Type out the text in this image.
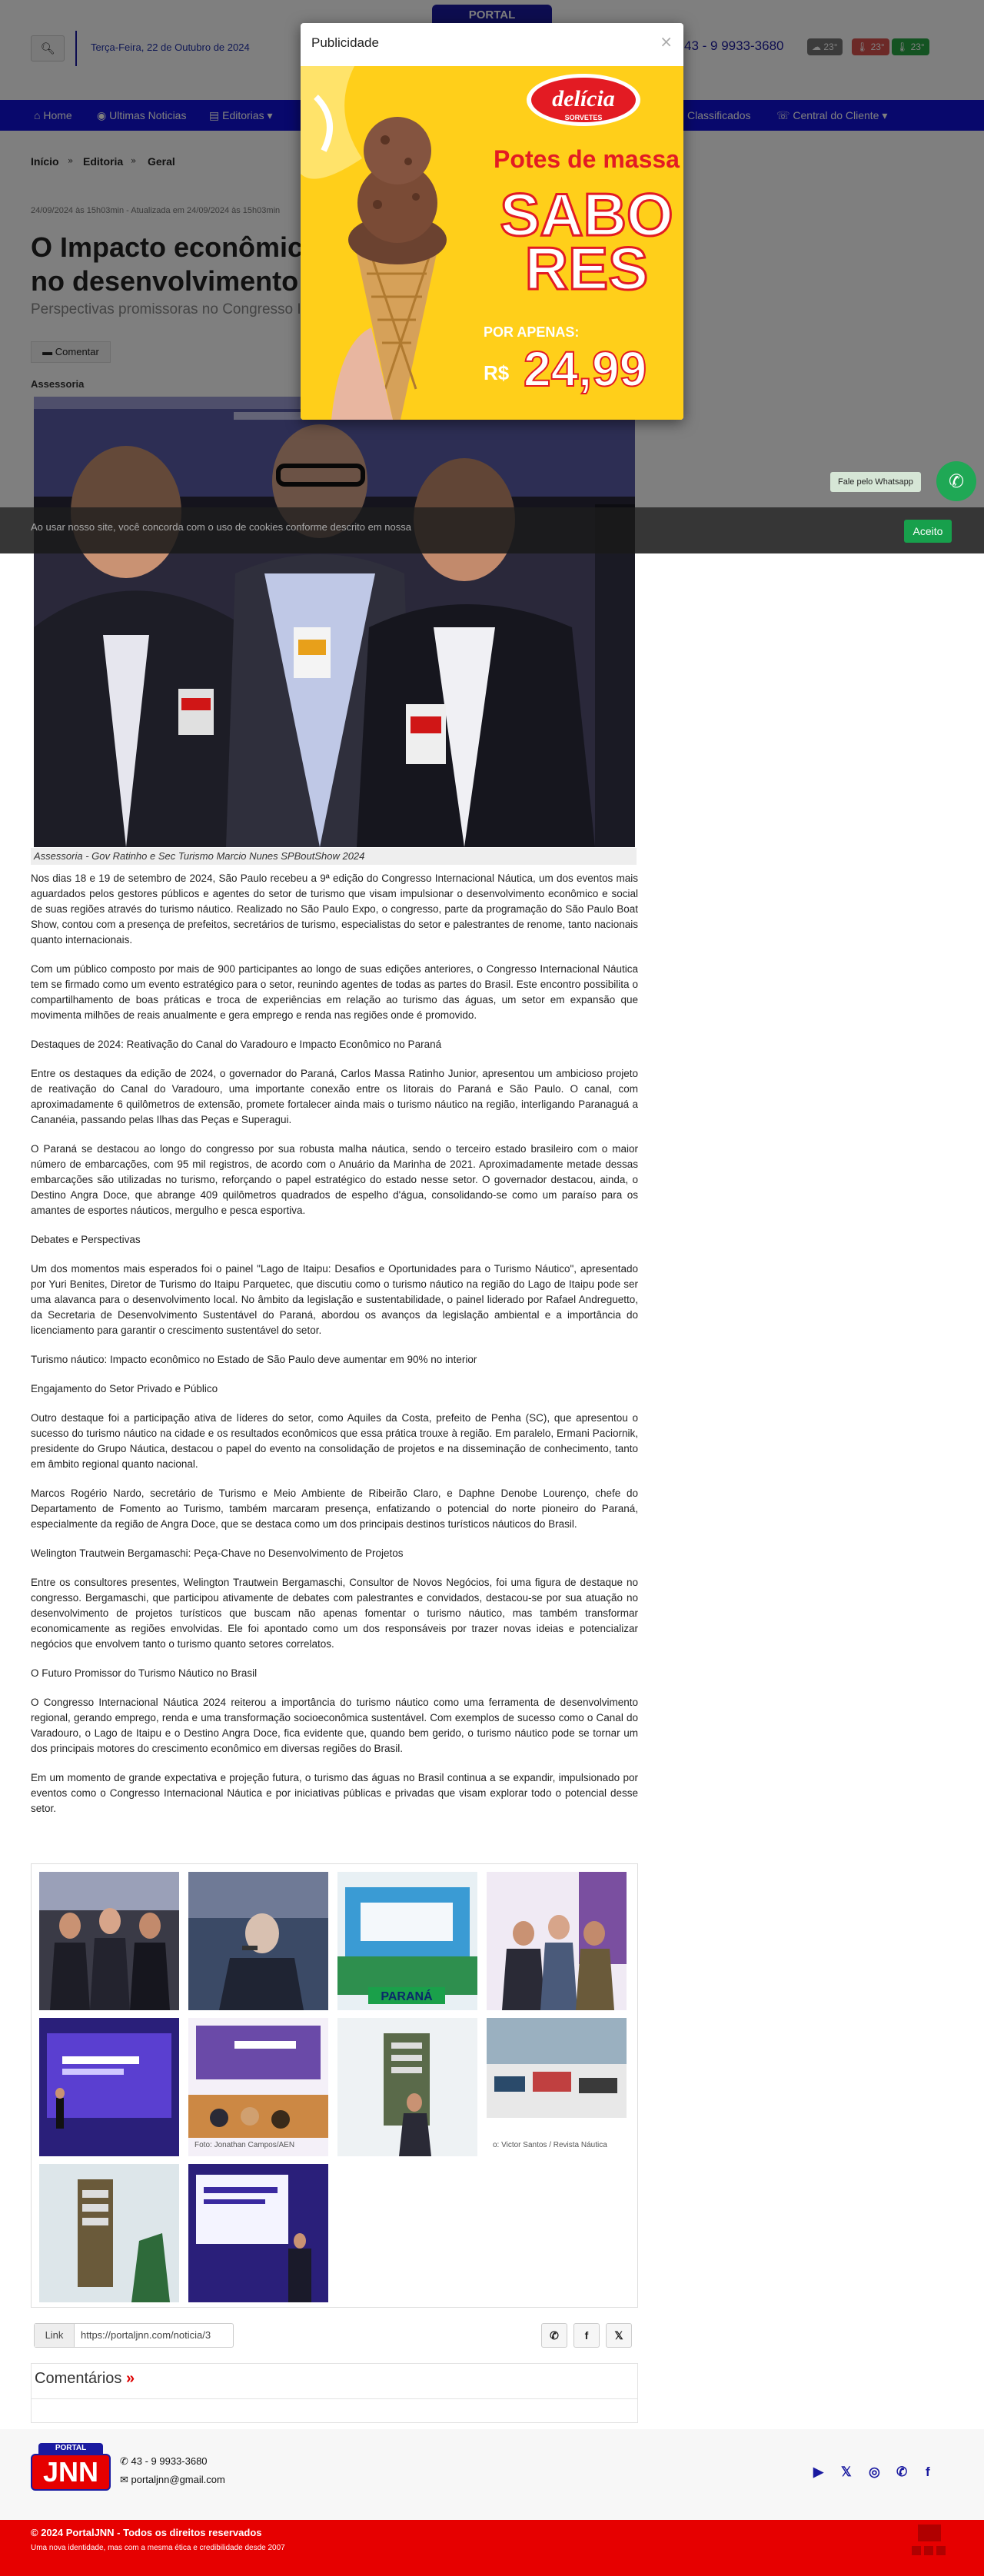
Assessoria - Gov Ratinho e Sec Turismo Marcio Nunes SPBoutShow 2024

Nos dias 18 e 19 de setembro de 2024, São Paulo recebeu a 9ª edição do Congresso Internacional Náutica, um dos eventos mais aguardados pelos gestores públicos e agentes do setor de turismo que visam impulsionar o desenvolvimento econômico e social de suas regiões através do turismo náutico. Realizado no São Paulo Expo, o congresso, parte da programação do São Paulo Boat Show, contou com a presença de prefeitos, secretários de turismo, especialistas do setor e palestrantes de renome, tanto nacionais quanto internacionais.

Com um público composto por mais de 900 participantes ao longo de suas edições anteriores, o Congresso Internacional Náutica tem se firmado como um evento estratégico para o setor, reunindo agentes de todas as partes do Brasil. Este encontro possibilita o compartilhamento de boas práticas e troca de experiências em relação ao turismo das águas, um setor em expansão que movimenta milhões de reais anualmente e gera emprego e renda nas regiões onde é promovido.

Destaques de 2024: Reativação do Canal do Varadouro e Impacto Econômico no Paraná

Entre os destaques da edição de 2024, o governador do Paraná, Carlos Massa Ratinho Junior, apresentou um ambicioso projeto de reativação do Canal do Varadouro, uma importante conexão entre os litorais do Paraná e São Paulo. O canal, com aproximadamente 6 quilômetros de extensão, promete fortalecer ainda mais o turismo náutico na região, interligando Paranaguá a Cananéia, passando pelas Ilhas das Peças e Superagui.

O Paraná se destacou ao longo do congresso por sua robusta malha náutica, sendo o terceiro estado brasileiro com o maior número de embarcações, com 95 mil registros, de acordo com o Anuário da Marinha de 2021. Aproximadamente metade dessas embarcações são utilizadas no turismo, reforçando o papel estratégico do estado nesse setor. O governador destacou, ainda, o Destino Angra Doce, que abrange 409 quilômetros quadrados de espelho d'água, consolidando-se como um paraíso para os amantes de esportes náuticos, mergulho e pesca esportiva.

Debates e Perspectivas

Um dos momentos mais esperados foi o painel "Lago de Itaipu: Desafios e Oportunidades para o Turismo Náutico", apresentado por Yuri Benites, Diretor de Turismo do Itaipu Parquetec, que discutiu como o turismo náutico na região do Lago de Itaipu pode ser uma alavanca para o desenvolvimento local. No âmbito da legislação e sustentabilidade, o painel liderado por Rafael Andreguetto, da Secretaria de Desenvolvimento Sustentável do Paraná, abordou os avanços da legislação ambiental e a importância do licenciamento para garantir o crescimento sustentável do setor.

Turismo náutico: Impacto econômico no Estado de São Paulo deve aumentar em 90% no interior

Engajamento do Setor Privado e Público

Outro destaque foi a participação ativa de líderes do setor, como Aquiles da Costa, prefeito de Penha (SC), que apresentou o sucesso do turismo náutico na cidade e os resultados econômicos que essa prática trouxe à região. Em paralelo, Ermani Paciornik, presidente do Grupo Náutica, destacou o papel do evento na consolidação de projetos e na disseminação de conhecimento, tanto em âmbito regional quanto nacional.

Marcos Rogério Nardo, secretário de Turismo e Meio Ambiente de Ribeirão Claro, e Daphne Denobe Lourenço, chefe do Departamento de Fomento ao Turismo, também marcaram presença, enfatizando o potencial do norte pioneiro do Paraná, especialmente da região de Angra Doce, que se destaca como um dos principais destinos turísticos náuticos do Brasil.

Welington Trautwein Bergamaschi: Peça-Chave no Desenvolvimento de Projetos

Entre os consultores presentes, Welington Trautwein Bergamaschi, Consultor de Novos Negócios, foi uma figura de destaque no congresso. Bergamaschi, que participou ativamente de debates com palestrantes e convidados, destacou-se por sua atuação no desenvolvimento de projetos turísticos que buscam não apenas fomentar o turismo náutico, mas também transformar economicamente as regiões envolvidas. Ele foi apontado como um dos responsáveis por trazer novas ideias e potencializar negócios que envolvem tanto o turismo quanto setores correlatos.

O Futuro Promissor do Turismo Náutico no Brasil

O Congresso Internacional Náutica 2024 reiterou a importância do turismo náutico como uma ferramenta de desenvolvimento regional, gerando emprego, renda e uma transformação socioeconômica sustentável. Com exemplos de sucesso como o Canal do Varadouro, o Lago de Itaipu e o Destino Angra Doce, fica evidente que, quando bem gerido, o turismo náutico pode se tornar um dos principais motores do crescimento econômico em diversas regiões do Brasil.

Em um momento de grande expectativa e projeção futura, o turismo das águas no Brasil continua a se expandir, impulsionado por eventos como o Congresso Internacional Náutica e por iniciativas públicas e privadas que visam explorar todo o potencial desse setor.

PARANÁ
Foto: Jonathan Campos/AEN	o: Victor Santos / Revista Náutica
Link	https://portaljnn.com/noticia/3	✆	f	𝕏
Comentários »
PORTAL
JNN	✆ 43 - 9 9933-3680
✉ portaljnn@gmail.com
▶ 𝕏 ◎ ✆ f
© 2024 PortalJNN - Todos os direitos reservados
Uma nova identidade, mas com a mesma ética e credibilidade desde 2007
Ao usar nosso site, você concorda com o uso de cookies conforme descrito em nossa	Aceito
Fale pelo Whatsapp	✆
Publicidade	×
delícia
SORVETES
Potes de massa
SABO
RES
POR APENAS:
R$ 24,99
